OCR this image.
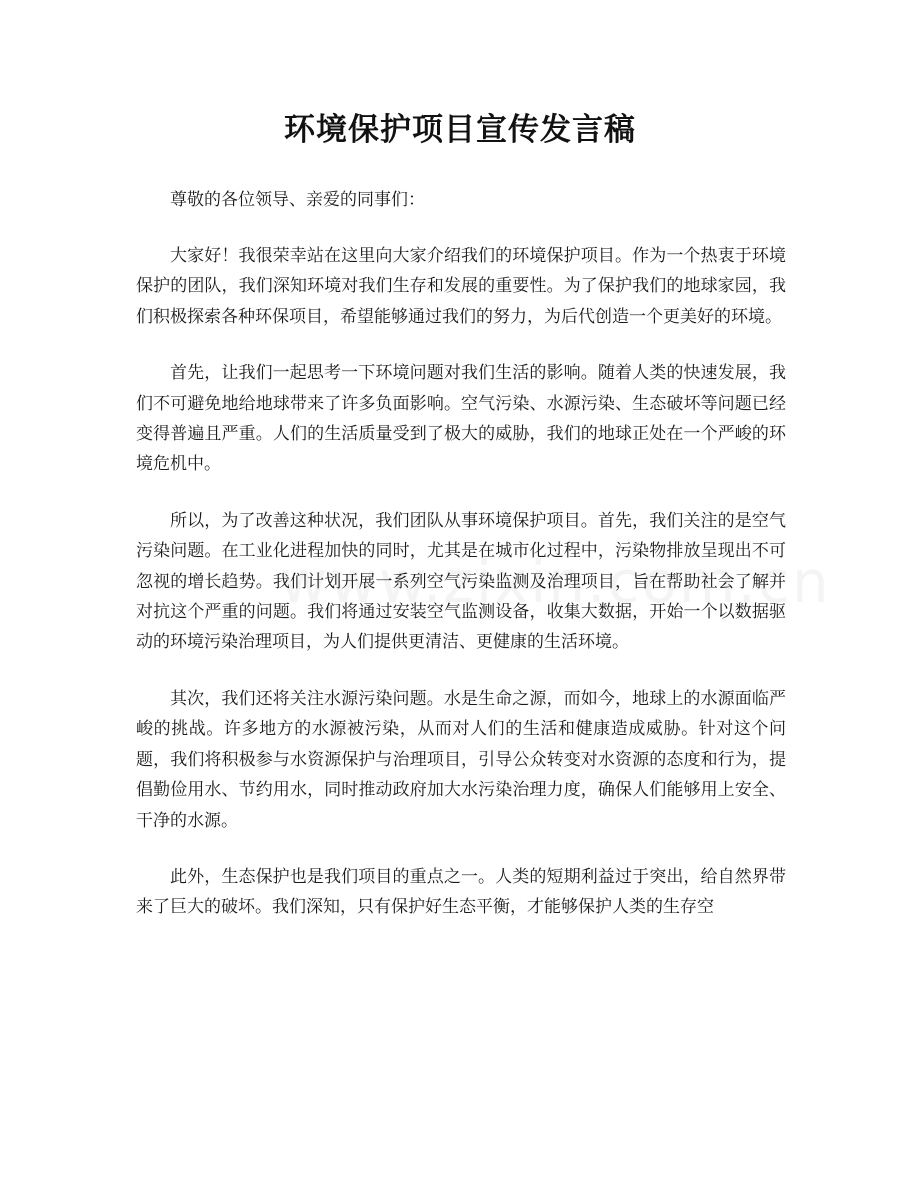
环境保护项目宣传发言稿

尊敬的各位领导、亲爱的同事们：

大家好！我很荣幸站在这里向大家介绍我们的环境保护项目。作为一个热衷于环境保护的团队，我们深知环境对我们生存和发展的重要性。为了保护我们的地球家园，我们积极探索各种环保项目，希望能够通过我们的努力，为后代创造一个更美好的环境。

首先，让我们一起思考一下环境问题对我们生活的影响。随着人类的快速发展，我们不可避免地给地球带来了许多负面影响。空气污染、水源污染、生态破坏等问题已经变得普遍且严重。人们的生活质量受到了极大的威胁，我们的地球正处在一个严峻的环境危机中。

所以，为了改善这种状况，我们团队从事环境保护项目。首先，我们关注的是空气污染问题。在工业化进程加快的同时，尤其是在城市化过程中，污染物排放呈现出不可忽视的增长趋势。我们计划开展一系列空气污染监测及治理项目，旨在帮助社会了解并对抗这个严重的问题。我们将通过安装空气监测设备，收集大数据，开始一个以数据驱动的环境污染治理项目，为人们提供更清洁、更健康的生活环境。

其次，我们还将关注水源污染问题。水是生命之源，而如今，地球上的水源面临严峻的挑战。许多地方的水源被污染，从而对人们的生活和健康造成威胁。针对这个问题，我们将积极参与水资源保护与治理项目，引导公众转变对水资源的态度和行为，提倡勤俭用水、节约用水，同时推动政府加大水污染治理力度，确保人们能够用上安全、干净的水源。

此外，生态保护也是我们项目的重点之一。人类的短期利益过于突出，给自然界带来了巨大的破坏。我们深知，只有保护好生态平衡，才能够保护人类的生存空
